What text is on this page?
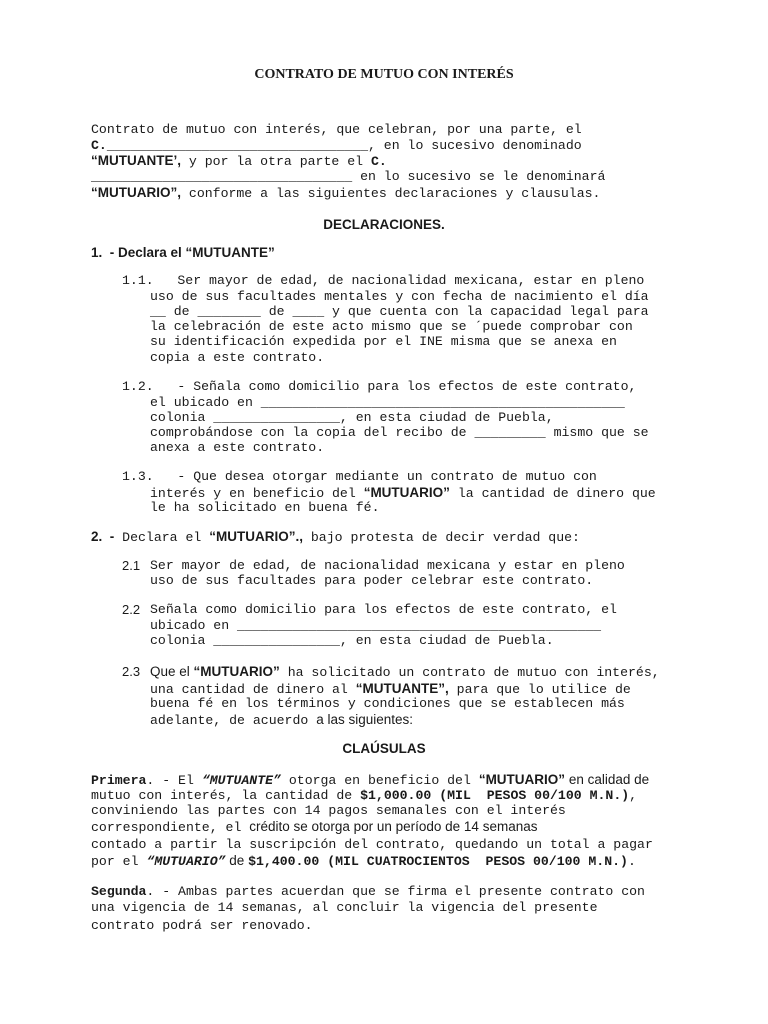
CONTRATO DE MUTUO CON INTERÉS
Contrato de mutuo con interés, que celebran, por una parte, el
C._________________________________, en lo sucesivo denominado
“MUTUANTE’, y por la otra parte el C.
_________________________________ en lo sucesivo se le denominará
“MUTUARIO”, conforme a las siguientes declaraciones y clausulas.
DECLARACIONES.
1.  - Declara el “MUTUANTE”
1.1.   Ser mayor de edad, de nacionalidad mexicana, estar en pleno
uso de sus facultades mentales y con fecha de nacimiento el día
__ de ________ de ____ y que cuenta con la capacidad legal para
la celebración de este acto mismo que se ´puede comprobar con
su identificación expedida por el INE misma que se anexa en
copia a este contrato.
1.2.   - Señala como domicilio para los efectos de este contrato,
el ubicado en ______________________________________________
colonia ________________, en esta ciudad de Puebla,
comprobándose con la copia del recibo de _________ mismo que se
anexa a este contrato.
1.3.   - Que desea otorgar mediante un contrato de mutuo con
interés y en beneficio del “MUTUARIO” la cantidad de dinero que
le ha solicitado en buena fé.
2.  - Declara el “MUTUARIO”., bajo protesta de decir verdad que:
2.1 Ser mayor de edad, de nacionalidad mexicana y estar en pleno
uso de sus facultades para poder celebrar este contrato.
2.2 Señala como domicilio para los efectos de este contrato, el
ubicado en ______________________________________________
colonia ________________, en esta ciudad de Puebla.
2.3 Que el “MUTUARIO” ha solicitado un contrato de mutuo con interés,
una cantidad de dinero al “MUTUANTE”, para que lo utilice de
buena fé en los términos y condiciones que se establecen más
adelante, de acuerdo a las siguientes:
CLAÚSULAS
Primera. - El “MUTUANTE” otorga en beneficio del “MUTUARIO” en calidad de
mutuo con interés, la cantidad de $1,000.00 (MIL  PESOS 00/100 M.N.),
conviniendo las partes con 14 pagos semanales con el interés
correspondiente, el crédito se otorga por un período de 14 semanas
contado a partir la suscripción del contrato, quedando un total a pagar
por el “MUTUARIO” de $1,400.00 (MIL CUATROCIENTOS  PESOS 00/100 M.N.).
Segunda. - Ambas partes acuerdan que se firma el presente contrato con
una vigencia de 14 semanas, al concluir la vigencia del presente
contrato podrá ser renovado.
